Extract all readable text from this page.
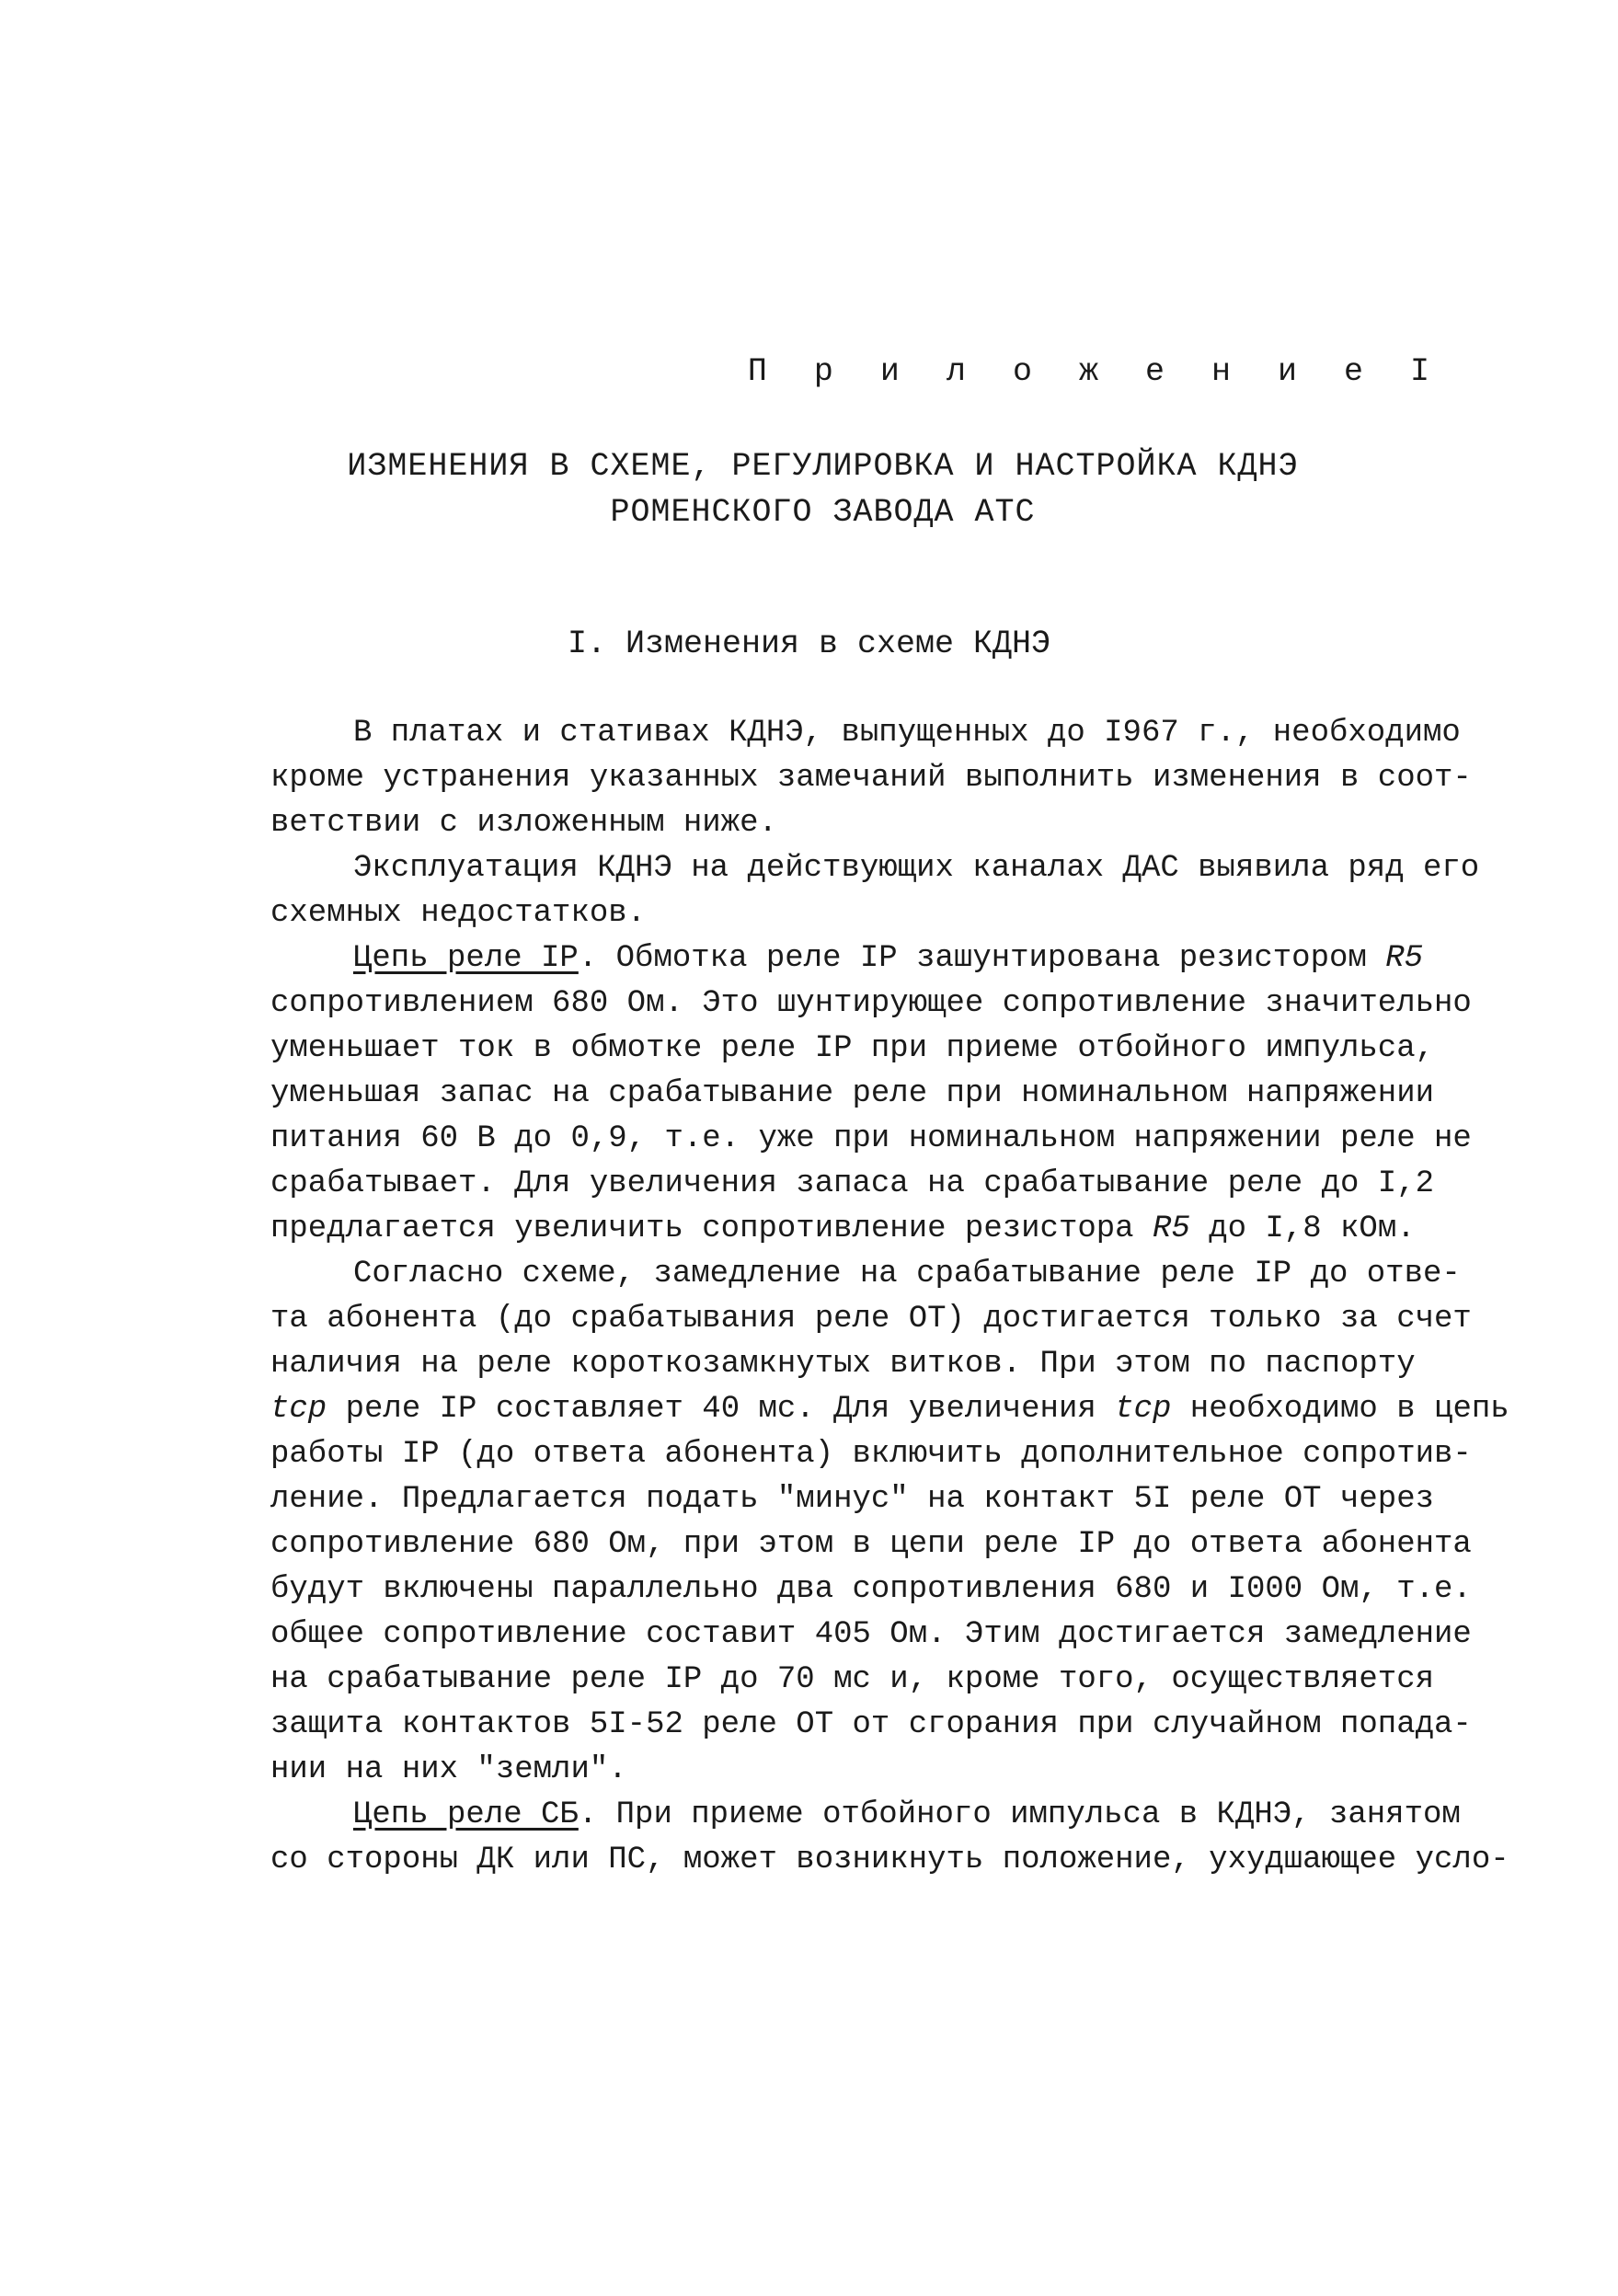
П р и л о ж е н и е I
ИЗМЕНЕНИЯ В СХЕМЕ, РЕГУЛИРОВКА И НАСТРОЙКА КДНЭ
РОМЕНСКОГО ЗАВОДА АТС
I. Изменения в схеме КДНЭ
В платах и стативах КДНЭ, выпущенных до I967 г., необходимо
кроме устранения указанных замечаний выполнить изменения в соот-
ветствии с изложенным ниже.
Эксплуатация КДНЭ на действующих каналах ДАС выявила ряд его
схемных недостатков.
Цепь реле IР. Обмотка реле IР зашунтирована резистором R5
сопротивлением 680 Ом. Это шунтирующее сопротивление значительно
уменьшает ток в обмотке реле IР при приеме отбойного импульса,
уменьшая запас на срабатывание реле при номинальном напряжении
питания 60 В до 0,9, т.е. уже при номинальном напряжении реле не
срабатывает. Для увеличения запаса на срабатывание реле до I,2
предлагается увеличить сопротивление резистора R5 до I,8 кОм.
Согласно схеме, замедление на срабатывание реле IР до отве-
та абонента (до срабатывания реле ОТ) достигается только за счет
наличия на реле короткозамкнутых витков. При этом по паспорту
tср реле IР составляет 40 мс. Для увеличения tср необходимо в цепь
работы IР (до ответа абонента) включить дополнительное сопротив-
ление. Предлагается подать "минус" на контакт 5I реле ОТ через
сопротивление 680 Ом, при этом в цепи реле IР до ответа абонента
будут включены параллельно два сопротивления 680 и I000 Ом, т.е.
общее сопротивление составит 405 Ом. Этим достигается замедление
на срабатывание реле IР до 70 мс и, кроме того, осуществляется
защита контактов 5I-52 реле ОТ от сгорания при случайном попада-
нии на них "земли".
Цепь реле СБ. При приеме отбойного импульса в КДНЭ, занятом
со стороны ДК или ПС, может возникнуть положение, ухудшающее усло-
